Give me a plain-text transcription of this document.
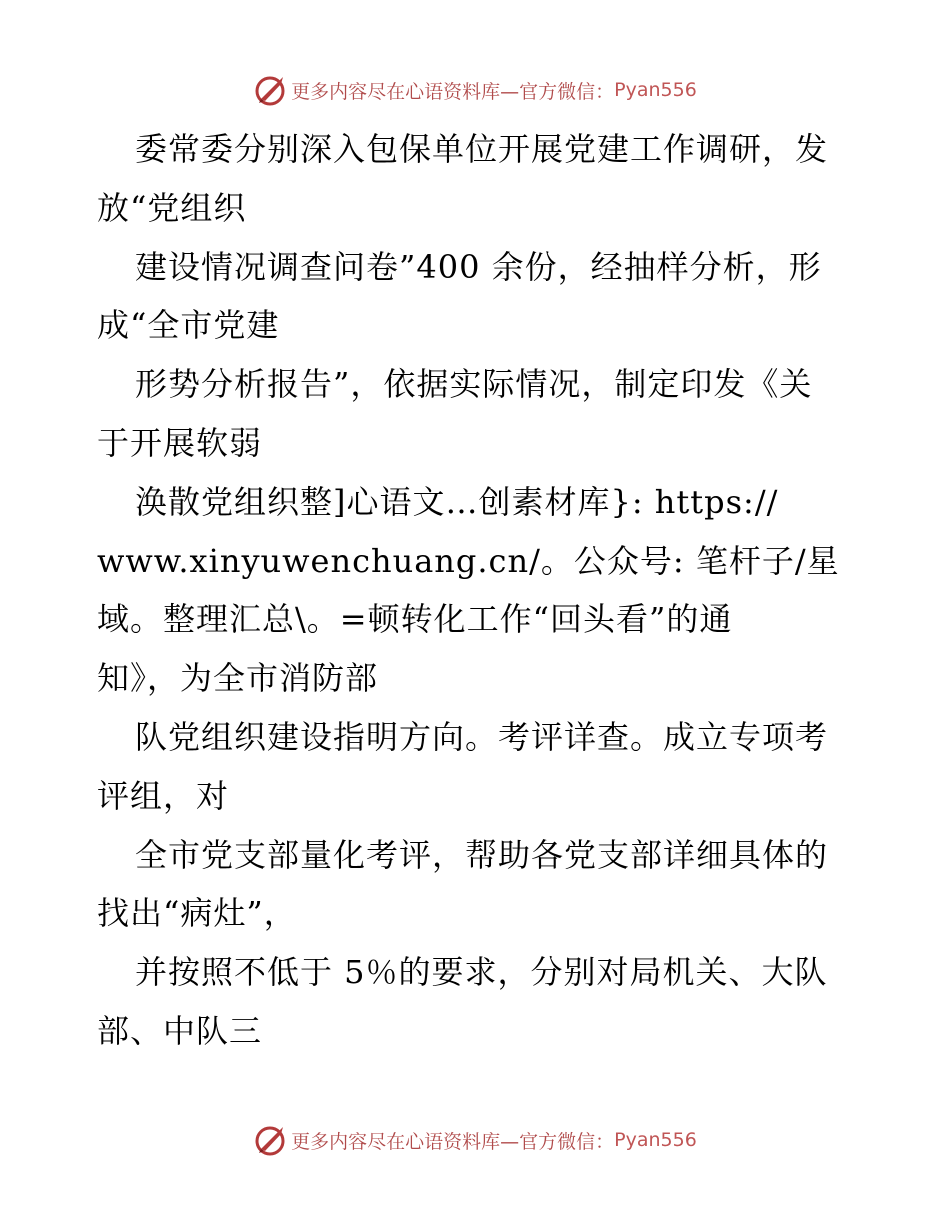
更多内容尽在心语资料库—官方微信： Pyan556
委常委分别深入包保单位开展党建工作调研，发
放“党组织
建设情况调查问卷”400 余份，经抽样分析，形
成“全市党建
形势分析报告”，依据实际情况，制定印发《关
于开展软弱
涣散党组织整]心语文…创素材库}: https://
www.xinyuwenchuang.cn/。公众号: 笔杆子/星
域。整理汇总\。=顿转化工作“回头看”的通
知》，为全市消防部
队党组织建设指明方向。考评详查。成立专项考
评组，对
全市党支部量化考评，帮助各党支部详细具体的
找出“病灶”，
并按照不低于 5％的要求，分别对局机关、大队
部、中队三
更多内容尽在心语资料库—官方微信： Pyan556
